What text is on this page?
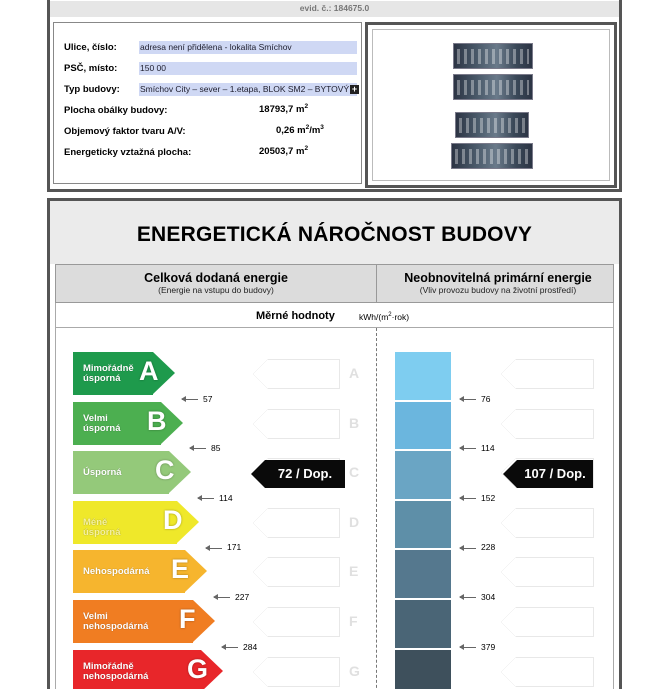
evid. č.: 184675.0
Ulice, číslo:	adresa není přidělena - lokalita Smíchov
PSČ, místo:	150 00
Typ budovy: Smíchov City – sever – 1.etapa, BLOK SM2 – BYTOVÝ +
Plocha obálky budovy:	18793,7 $m^2$
Objemový faktor tvaru A/V:	0,26 $m^2/m^3$
Energeticky vztažná plocha:	20503,7 $m^2$
ENERGETICKÁ NÁROČNOST BUDOVY
Celková dodaná energie
(Energie na vstupu do budovy)
Neobnovitelná primární energie
(Vliv provozu budovy na životní prostředí)
Měrné hodnoty	kWh/$(m^2\cdot rok)$
Mimořádně
úsporná A	A
Velmi
úsporná B	B
Úsporná C	C
Méně úsporná D	D
Nehospodárná E	E
Velmi
nehospodárná F	F
Mimořádně
nehospodárná G	G
57
85
114
171
227
284
76
114
152
228
304
379
72 / Dop.	107 / Dop.
